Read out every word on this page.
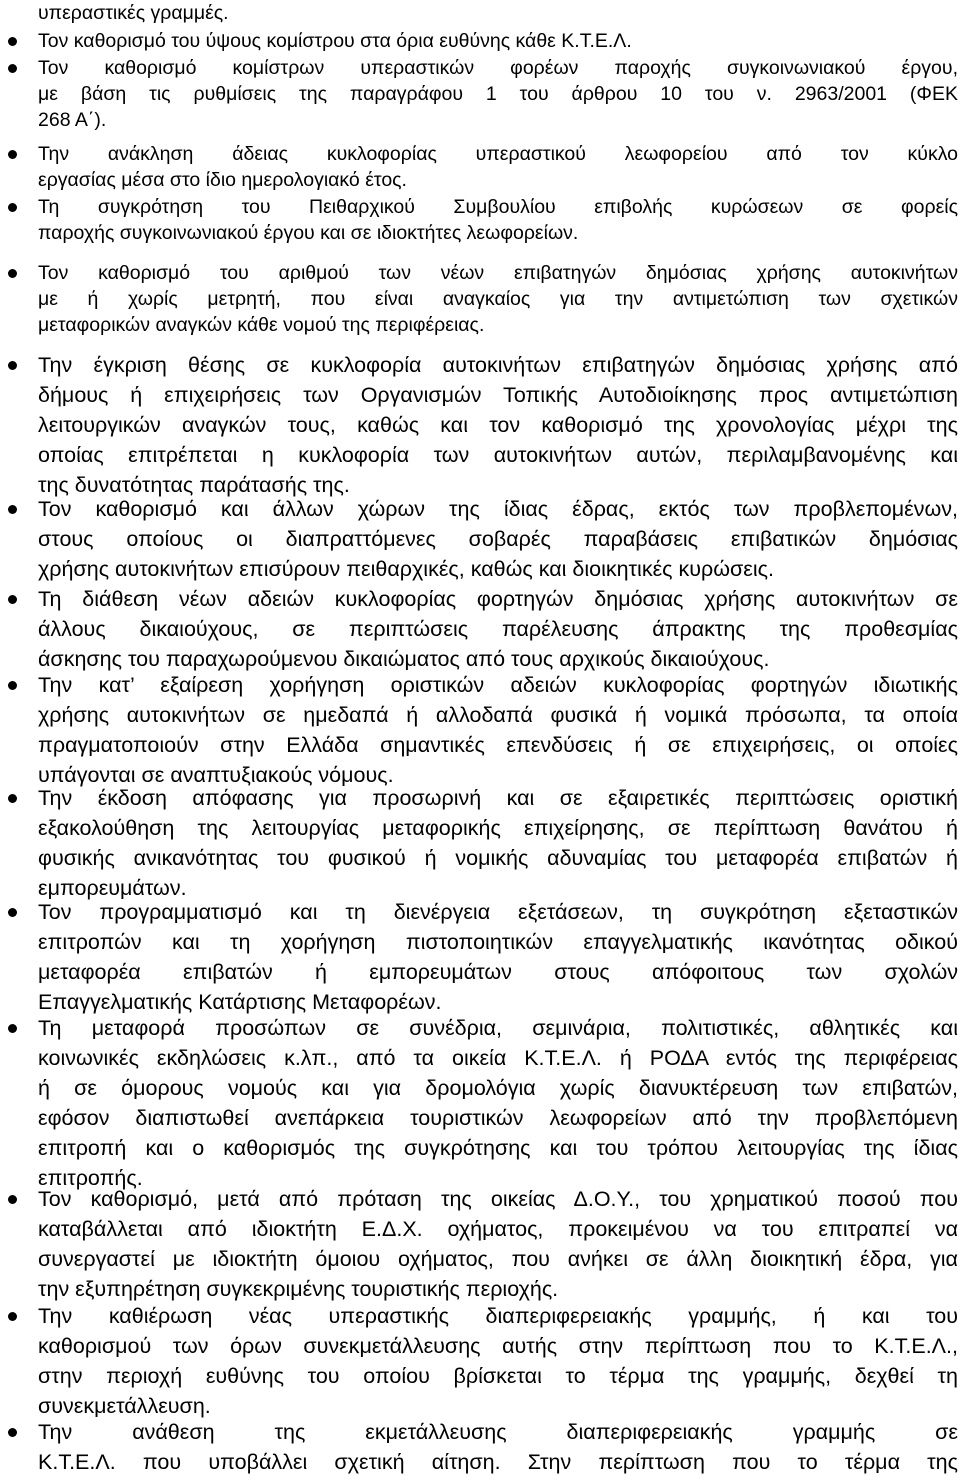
υπεραστικές γραμμές.

Τον καθορισμό του ύψους κομίστρου στα όρια ευθύνης κάθε Κ.Τ.Ε.Λ.
Τον καθορισμό κομίστρων υπεραστικών φορέων παροχής συγκοινωνιακού έργου,
με βάση τις ρυθμίσεις της παραγράφου 1 του άρθρου 10 του ν. 2963/2001 (ΦΕΚ
268 Α΄).
Την ανάκληση άδειας κυκλοφορίας υπεραστικού λεωφορείου από τον κύκλο
εργασίας μέσα στο ίδιο ημερολογιακό έτος.
Τη συγκρότηση του Πειθαρχικού Συμβουλίου επιβολής κυρώσεων σε φορείς
παροχής συγκοινωνιακού έργου και σε ιδιοκτήτες λεωφορείων.
Τον καθορισμό του αριθμού των νέων επιβατηγών δημόσιας χρήσης αυτοκινήτων
με ή χωρίς μετρητή, που είναι αναγκαίος για την αντιμετώπιση των σχετικών
μεταφορικών αναγκών κάθε νομού της περιφέρειας.
Την έγκριση θέσης σε κυκλοφορία αυτοκινήτων επιβατηγών δημόσιας χρήσης από
δήμους ή επιχειρήσεις των Οργανισμών Τοπικής Αυτοδιοίκησης προς αντιμετώπιση
λειτουργικών αναγκών τους, καθώς και τον καθορισμό της χρονολογίας μέχρι της
οποίας επιτρέπεται η κυκλοφορία των αυτοκινήτων αυτών, περιλαμβανομένης και
της δυνατότητας παράτασής της.
Τον καθορισμό και άλλων χώρων της ίδιας έδρας, εκτός των προβλεπομένων,
στους οποίους οι διαπραττόμενες σοβαρές παραβάσεις επιβατικών δημόσιας
χρήσης αυτοκινήτων επισύρουν πειθαρχικές, καθώς και διοικητικές κυρώσεις.
Τη διάθεση νέων αδειών κυκλοφορίας φορτηγών δημόσιας χρήσης αυτοκινήτων σε
άλλους δικαιούχους, σε περιπτώσεις παρέλευσης άπρακτης της προθεσμίας
άσκησης του παραχωρούμενου δικαιώματος από τους αρχικούς δικαιούχους.
Την κατ’ εξαίρεση χορήγηση οριστικών αδειών κυκλοφορίας φορτηγών ιδιωτικής
χρήσης αυτοκινήτων σε ημεδαπά ή αλλοδαπά φυσικά ή νομικά πρόσωπα, τα οποία
πραγματοποιούν στην Ελλάδα σημαντικές επενδύσεις ή σε επιχειρήσεις, οι οποίες
υπάγονται σε αναπτυξιακούς νόμους.
Την έκδοση απόφασης για προσωρινή και σε εξαιρετικές περιπτώσεις οριστική
εξακολούθηση της λειτουργίας μεταφορικής επιχείρησης, σε περίπτωση θανάτου ή
φυσικής ανικανότητας του φυσικού ή νομικής αδυναμίας του μεταφορέα επιβατών ή
εμπορευμάτων.
Τον προγραμματισμό και τη διενέργεια εξετάσεων, τη συγκρότηση εξεταστικών
επιτροπών και τη χορήγηση πιστοποιητικών επαγγελματικής ικανότητας οδικού
μεταφορέα επιβατών ή εμπορευμάτων στους απόφοιτους των σχολών
Επαγγελματικής Κατάρτισης Μεταφορέων.
Τη μεταφορά προσώπων σε συνέδρια, σεμινάρια, πολιτιστικές, αθλητικές και
κοινωνικές εκδηλώσεις κ.λπ., από τα οικεία Κ.Τ.Ε.Λ. ή ΡΟΔΑ εντός της περιφέρειας
ή σε όμορους νομούς και για δρομολόγια χωρίς διανυκτέρευση των επιβατών,
εφόσον διαπιστωθεί ανεπάρκεια τουριστικών λεωφορείων από την προβλεπόμενη
επιτροπή και ο καθορισμός της συγκρότησης και του τρόπου λειτουργίας της ίδιας
επιτροπής.
Τον καθορισμό, μετά από πρόταση της οικείας Δ.Ο.Υ., του χρηματικού ποσού που
καταβάλλεται από ιδιοκτήτη Ε.Δ.Χ. οχήματος, προκειμένου να του επιτραπεί να
συνεργαστεί με ιδιοκτήτη όμοιου οχήματος, που ανήκει σε άλλη διοικητική έδρα, για
την εξυπηρέτηση συγκεκριμένης τουριστικής περιοχής.
Την καθιέρωση νέας υπεραστικής διαπεριφερειακής γραμμής, ή και του
καθορισμού των όρων συνεκμετάλλευσης αυτής στην περίπτωση που το Κ.Τ.Ε.Λ.,
στην περιοχή ευθύνης του οποίου βρίσκεται το τέρμα της γραμμής, δεχθεί τη
συνεκμετάλλευση.
Την ανάθεση της εκμετάλλευσης διαπεριφερειακής γραμμής σε
Κ.Τ.Ε.Λ. που υποβάλλει σχετική αίτηση. Στην περίπτωση που το τέρμα της
